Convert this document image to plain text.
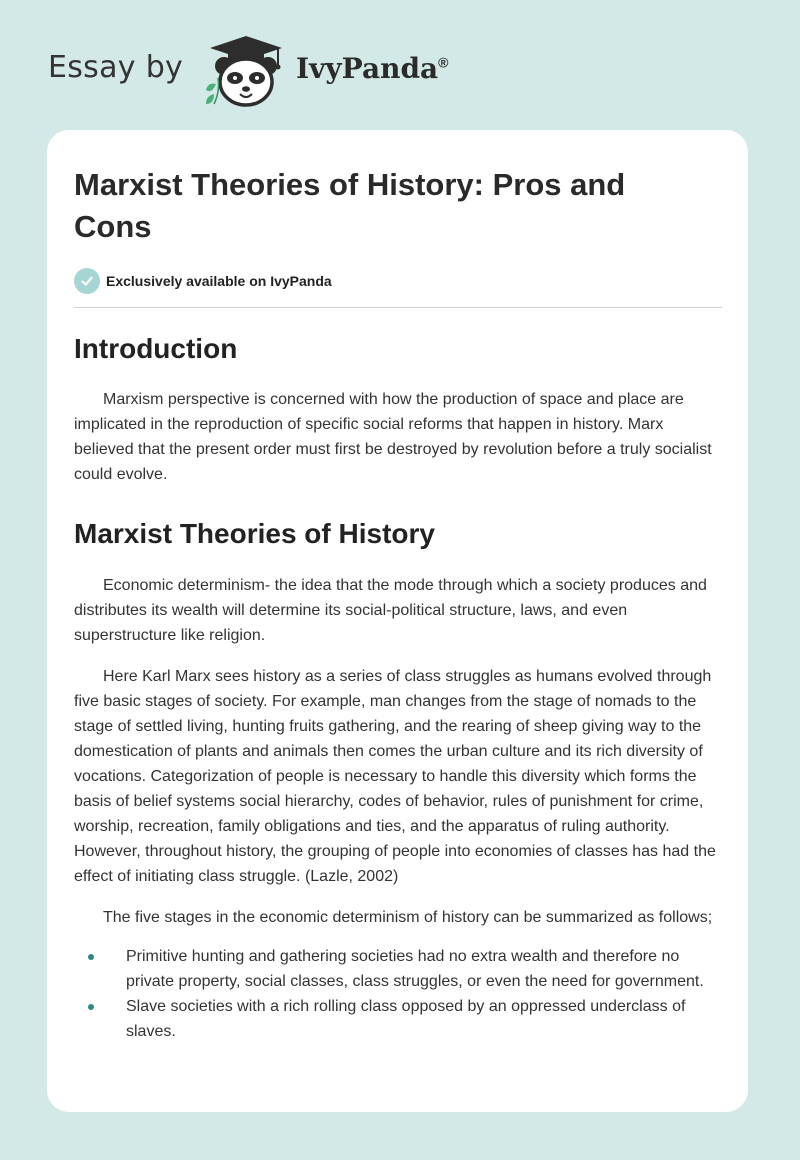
Essay by	IvyPanda®
Marxist Theories of History: Pros and Cons
Exclusively available on IvyPanda
Introduction

Marxism perspective is concerned with how the production of space and place are implicated in the reproduction of specific social reforms that happen in history. Marx believed that the present order must first be destroyed by revolution before a truly socialist could evolve.

Marxist Theories of History

Economic determinism- the idea that the mode through which a society produces and distributes its wealth will determine its social-political structure, laws, and even superstructure like religion.

Here Karl Marx sees history as a series of class struggles as humans evolved through five basic stages of society. For example, man changes from the stage of nomads to the stage of settled living, hunting fruits gathering, and the rearing of sheep giving way to the domestication of plants and animals then comes the urban culture and its rich diversity of vocations. Categorization of people is necessary to handle this diversity which forms the basis of belief systems social hierarchy, codes of behavior, rules of punishment for crime, worship, recreation, family obligations and ties, and the apparatus of ruling authority. However, throughout history, the grouping of people into economies of classes has had the effect of initiating class struggle. (Lazle, 2002)

The five stages in the economic determinism of history can be summarized as follows;

Primitive hunting and gathering societies had no extra wealth and therefore no private property, social classes, class struggles, or even the need for government.
Slave societies with a rich rolling class opposed by an oppressed underclass of slaves.
